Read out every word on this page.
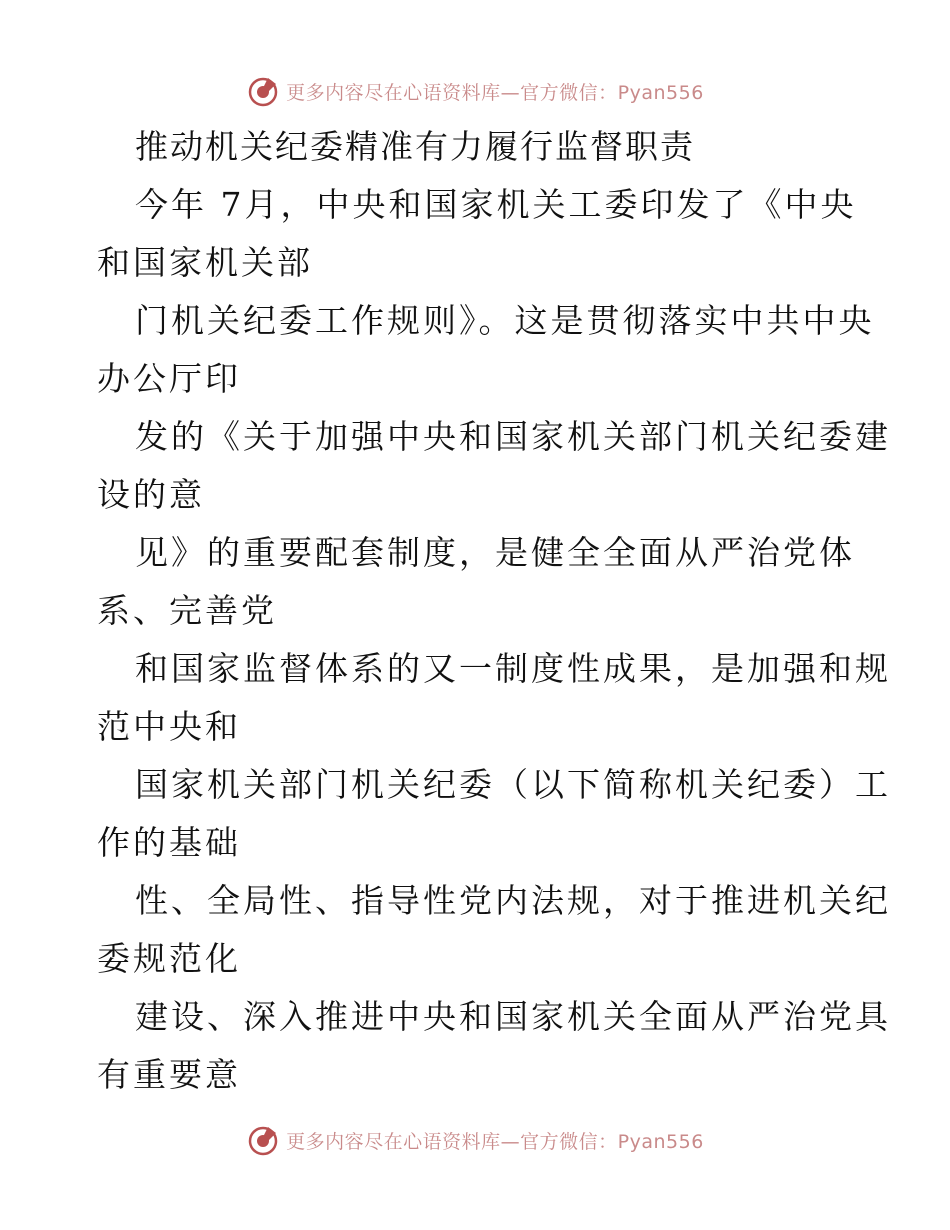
更多内容尽在心语资料库—官方微信：Pyan556
推动机关纪委精准有力履行监督职责
今年 7月，中央和国家机关工委印发了《中央
和国家机关部
门机关纪委工作规则》。这是贯彻落实中共中央
办公厅印
发的《关于加强中央和国家机关部门机关纪委建
设的意
见》的重要配套制度，是健全全面从严治党体
系、完善党
和国家监督体系的又一制度性成果，是加强和规
范中央和
国家机关部门机关纪委（以下简称机关纪委）工
作的基础
性、全局性、指导性党内法规，对于推进机关纪
委规范化
建设、深入推进中央和国家机关全面从严治党具
有重要意
更多内容尽在心语资料库—官方微信：Pyan556
